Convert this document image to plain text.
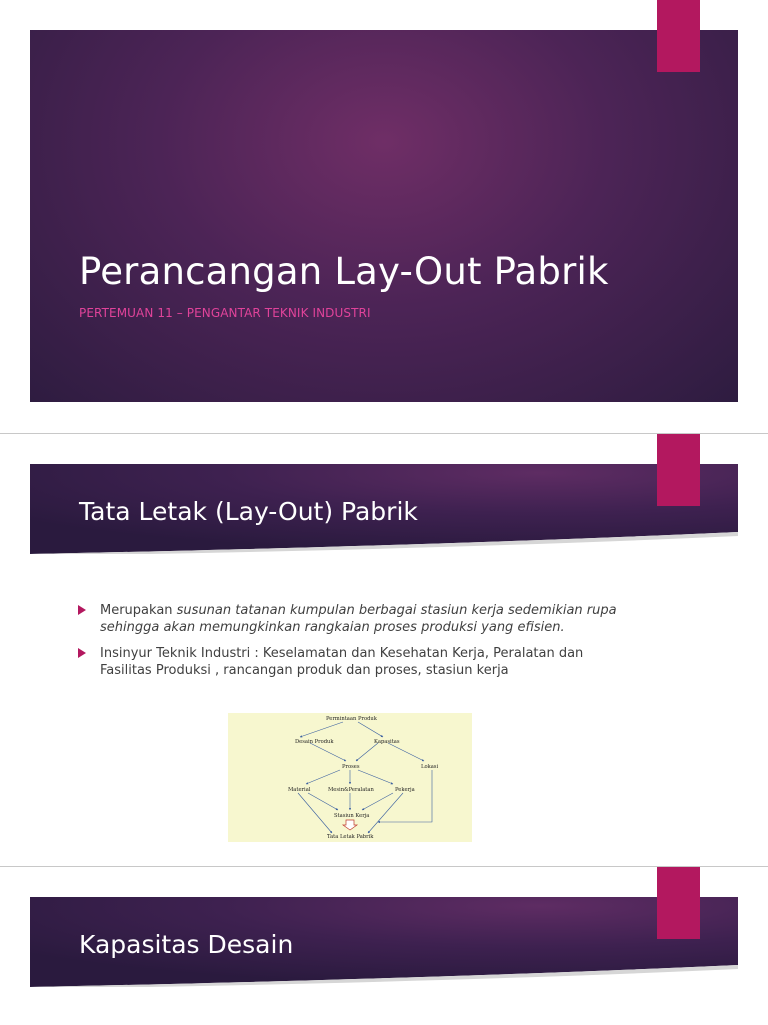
Perancangan Lay-Out Pabrik

PERTEMUAN 11 – PENGANTAR TEKNIK INDUSTRI

Tata Letak (Lay-Out) Pabrik
Merupakan susunan tatanan kumpulan berbagai stasiun kerja sedemikian rupa sehingga akan memungkinkan rangkaian proses produksi yang efisien.
Insinyur Teknik Industri : Keselamatan dan Kesehatan Kerja, Peralatan dan Fasilitas Produksi , rancangan produk dan proses, stasiun kerja
Permintaan Produk
Desain Produk	Kapasitas
Proses	Lokasi
Material	Mesin&Peralatan	Pekerja
Stasiun Kerja
Tata Letak Pabrik
Kapasitas Desain
